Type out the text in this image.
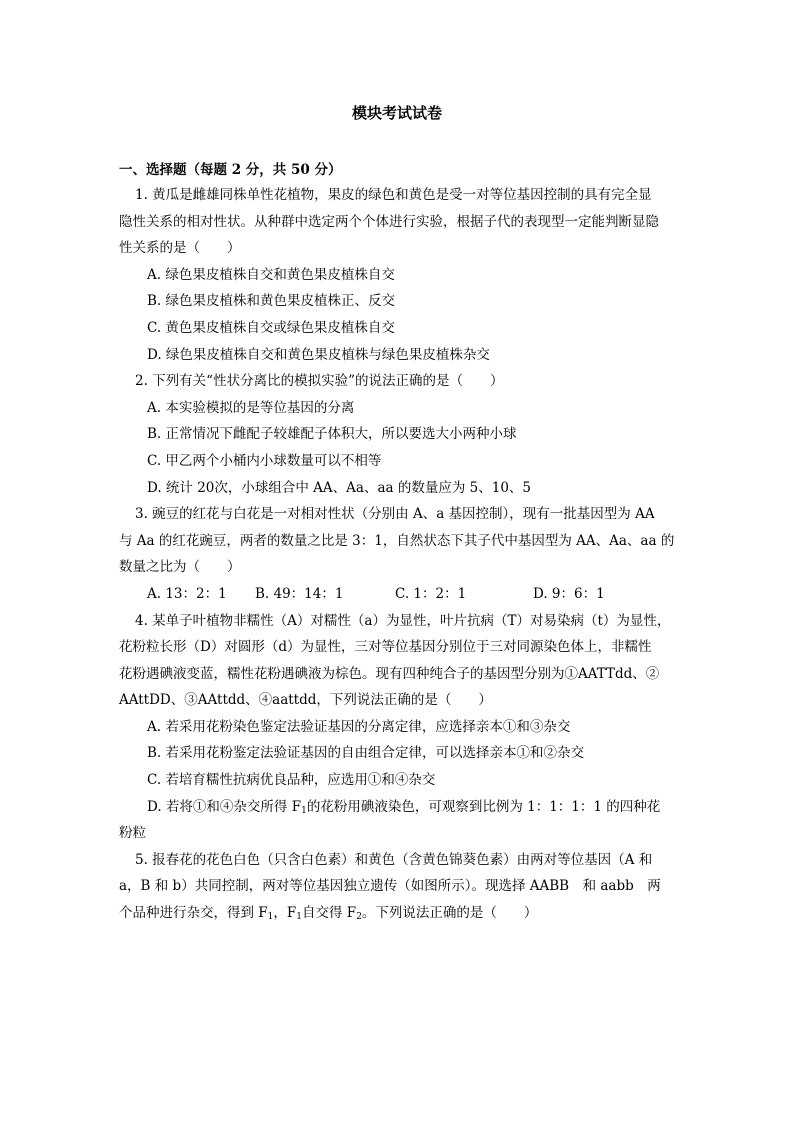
模块考试试卷
一、选择题（每题 2 分，共 50 分）
1. 黄瓜是雌雄同株单性花植物，果皮的绿色和黄色是受一对等位基因控制的具有完全显
隐性关系的相对性状。从种群中选定两个个体进行实验，根据子代的表现型一定能判断显隐
性关系的是（　　）
A. 绿色果皮植株自交和黄色果皮植株自交
B. 绿色果皮植株和黄色果皮植株正、反交
C. 黄色果皮植株自交或绿色果皮植株自交
D. 绿色果皮植株自交和黄色果皮植株与绿色果皮植株杂交
2. 下列有关“性状分离比的模拟实验”的说法正确的是（　　）
A. 本实验模拟的是等位基因的分离
B. 正常情况下雌配子较雄配子体积大，所以要选大小两种小球
C. 甲乙两个小桶内小球数量可以不相等
D. 统计 20次，小球组合中 AA、Aa、aa 的数量应为 5、10、5
3. 豌豆的红花与白花是一对相对性状（分别由 A、a 基因控制），现有一批基因型为 AA
与 Aa 的红花豌豆，两者的数量之比是 3：1，自然状态下其子代中基因型为 AA、Aa、aa 的
数量之比为（　　）
A. 13：2：1	B. 49：14：1	C. 1：2：1	D. 9：6：1
4. 某单子叶植物非糯性（A）对糯性（a）为显性，叶片抗病（T）对易染病（t）为显性，
花粉粒长形（D）对圆形（d）为显性，三对等位基因分别位于三对同源染色体上，非糯性
花粉遇碘液变蓝，糯性花粉遇碘液为棕色。现有四种纯合子的基因型分别为①AATTdd、②
AAttDD、③AAttdd、④aattdd，下列说法正确的是（　　）
A. 若采用花粉染色鉴定法验证基因的分离定律，应选择亲本①和③杂交
B. 若采用花粉鉴定法验证基因的自由组合定律，可以选择亲本①和②杂交
C. 若培育糯性抗病优良品种，应选用①和④杂交
D. 若将①和④杂交所得 $F_1$的花粉用碘液染色，可观察到比例为 1：1：1：1 的四种花
粉粒
5. 报春花的花色白色（只含白色素）和黄色（含黄色锦葵色素）由两对等位基因（A 和
a，B 和 b）共同控制，两对等位基因独立遗传（如图所示）。现选择 AABB　和 aabb　两
个品种进行杂交，得到 $F_1$，$F_1$自交得 $F_2$。下列说法正确的是（　　）
